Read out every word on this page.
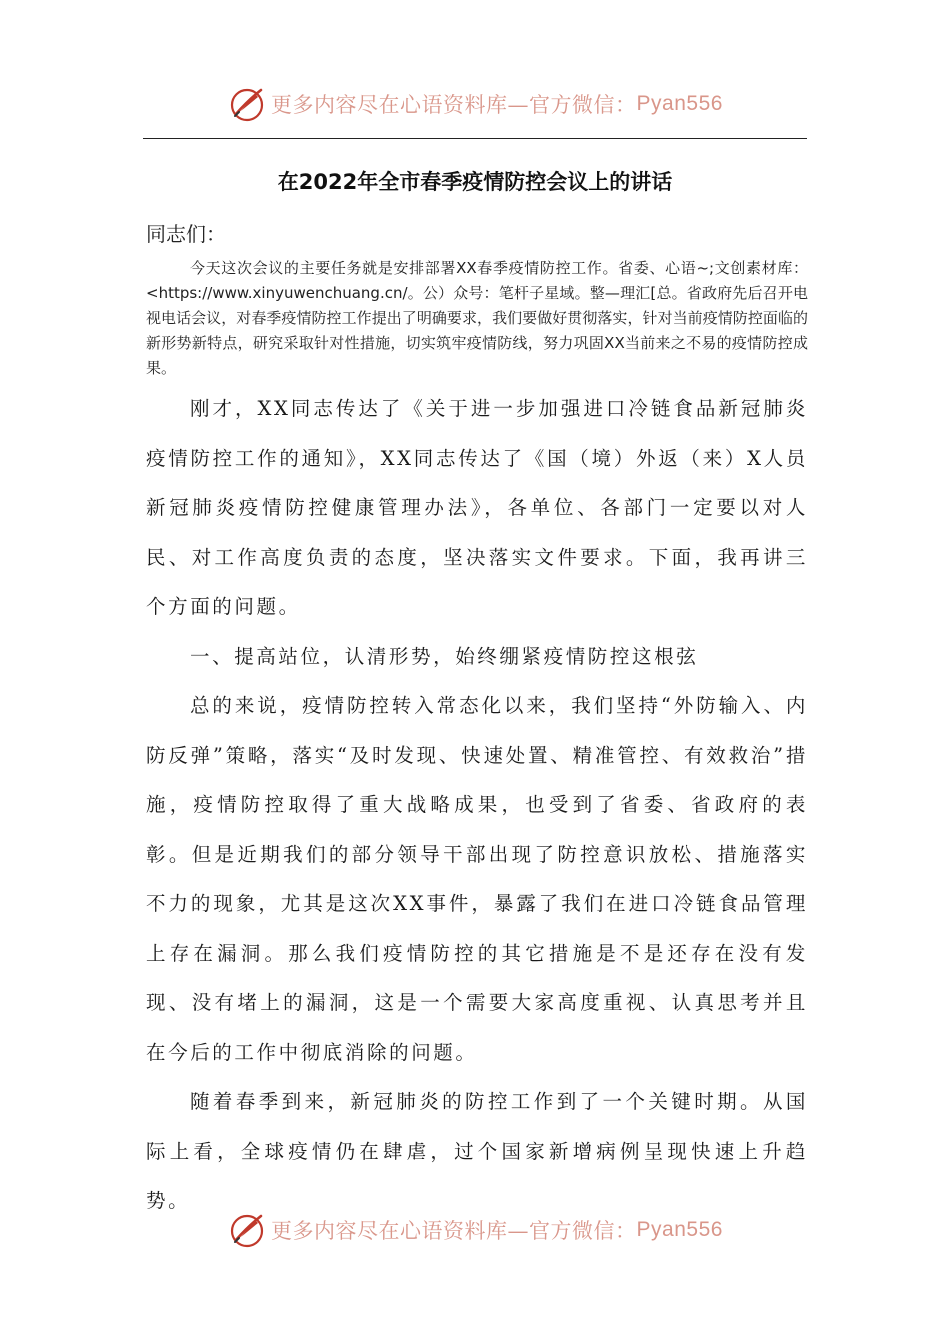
更多内容尽在心语资料库—官方微信： Pyan556
在2022年全市春季疫情防控会议上的讲话

同志们：

今天这次会议的主要任务就是安排部署XX春季疫情防控工作。省委、心语~;文创素材库：<https://www.xinyuwenchuang.cn/。公）众号：笔杆子星域。整—理汇[总。省政府先后召开电视电话会议，对春季疫情防控工作提出了明确要求，我们要做好贯彻落实，针对当前疫情防控面临的新形势新特点，研究采取针对性措施，切实筑牢疫情防线，努力巩固XX当前来之不易的疫情防控成果。

刚才，XX同志传达了《关于进一步加强进口冷链食品新冠肺炎疫情防控工作的通知》，XX同志传达了《国（境）外返（来）X人员新冠肺炎疫情防控健康管理办法》，各单位、各部门一定要以对人民、对工作高度负责的态度，坚决落实文件要求。下面，我再讲三个方面的问题。

一、提高站位，认清形势，始终绷紧疫情防控这根弦

总的来说，疫情防控转入常态化以来，我们坚持“外防输入、内防反弹”策略，落实“及时发现、快速处置、精准管控、有效救治”措施，疫情防控取得了重大战略成果，也受到了省委、省政府的表彰。但是近期我们的部分领导干部出现了防控意识放松、措施落实不力的现象，尤其是这次XX事件，暴露了我们在进口冷链食品管理上存在漏洞。那么我们疫情防控的其它措施是不是还存在没有发现、没有堵上的漏洞，这是一个需要大家高度重视、认真思考并且在今后的工作中彻底消除的问题。

随着春季到来，新冠肺炎的防控工作到了一个关键时期。从国际上看，全球疫情仍在肆虐，过个国家新增病例呈现快速上升趋势。

更多内容尽在心语资料库—官方微信： Pyan556
